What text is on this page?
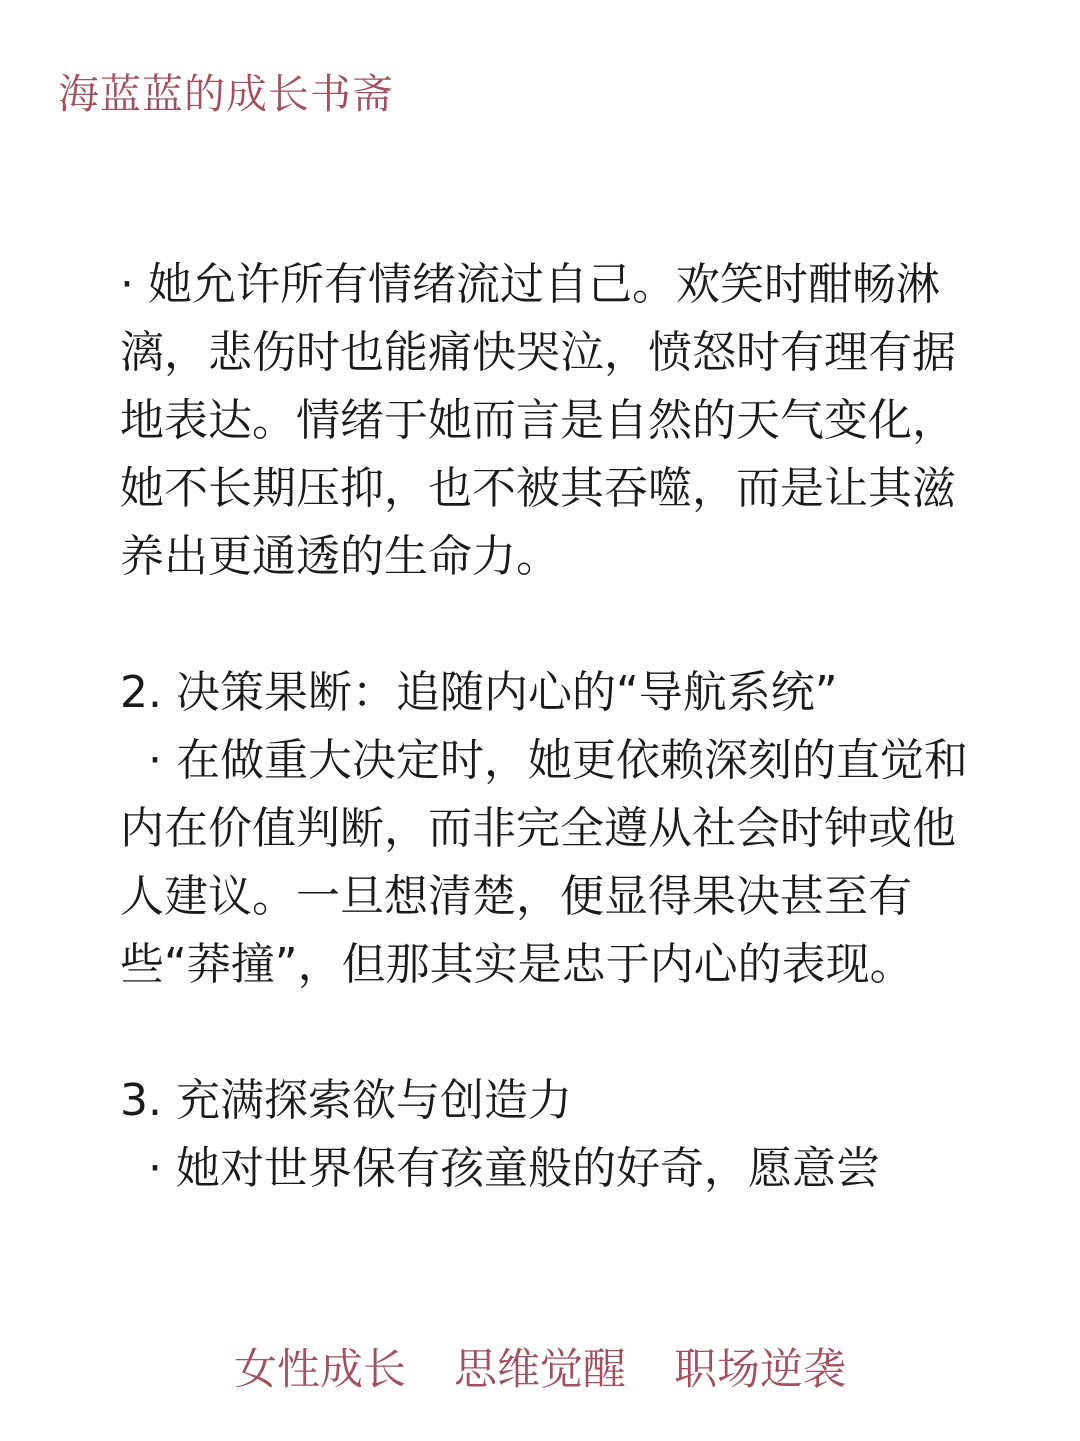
海蓝蓝的成长书斋

· 她允许所有情绪流过自己。欢笑时酣畅淋漓，悲伤时也能痛快哭泣，愤怒时有理有据地表达。情绪于她而言是自然的天气变化，她不长期压抑，也不被其吞噬，而是让其滋养出更通透的生命力。

2. 决策果断：追随内心的“导航系统”

· 在做重大决定时，她更依赖深刻的直觉和内在价值判断，而非完全遵从社会时钟或他人建议。一旦想清楚，便显得果决甚至有些“莽撞”，但那其实是忠于内心的表现。

3. 充满探索欲与创造力

· 她对世界保有孩童般的好奇，愿意尝

女性成长 思维觉醒 职场逆袭
